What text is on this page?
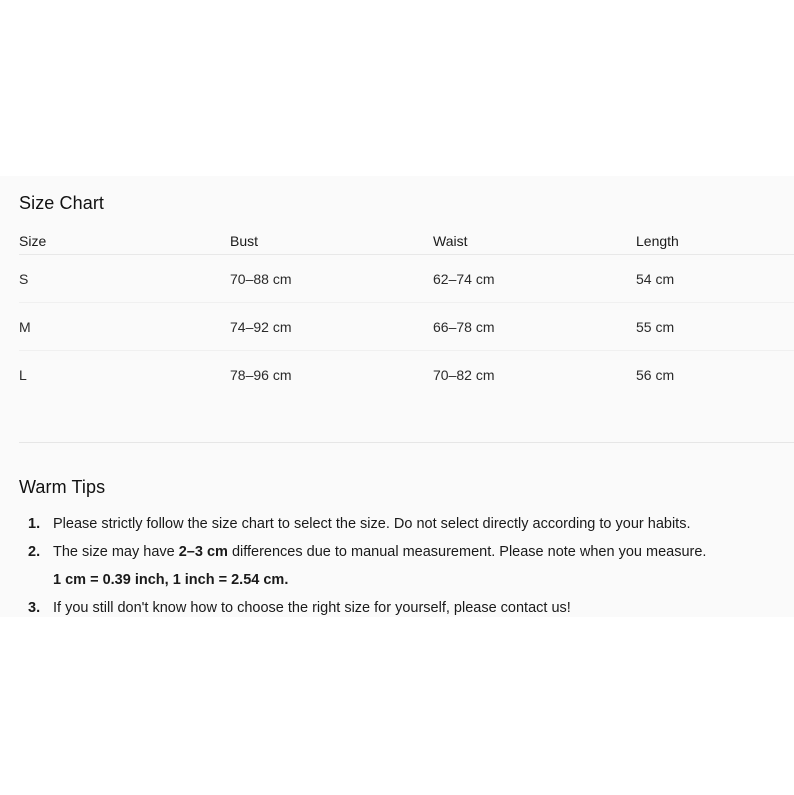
Size Chart
Size	Bust	Waist	Length
S	70–88 cm	62–74 cm	54 cm
M	74–92 cm	66–78 cm	55 cm
L	78–96 cm	70–82 cm	56 cm
Warm Tips
1. Please strictly follow the size chart to select the size. Do not select directly according to your habits.
2. The size may have 2–3 cm differences due to manual measurement. Please note when you measure.
1 cm = 0.39 inch, 1 inch = 2.54 cm.
3. If you still don't know how to choose the right size for yourself, please contact us!
